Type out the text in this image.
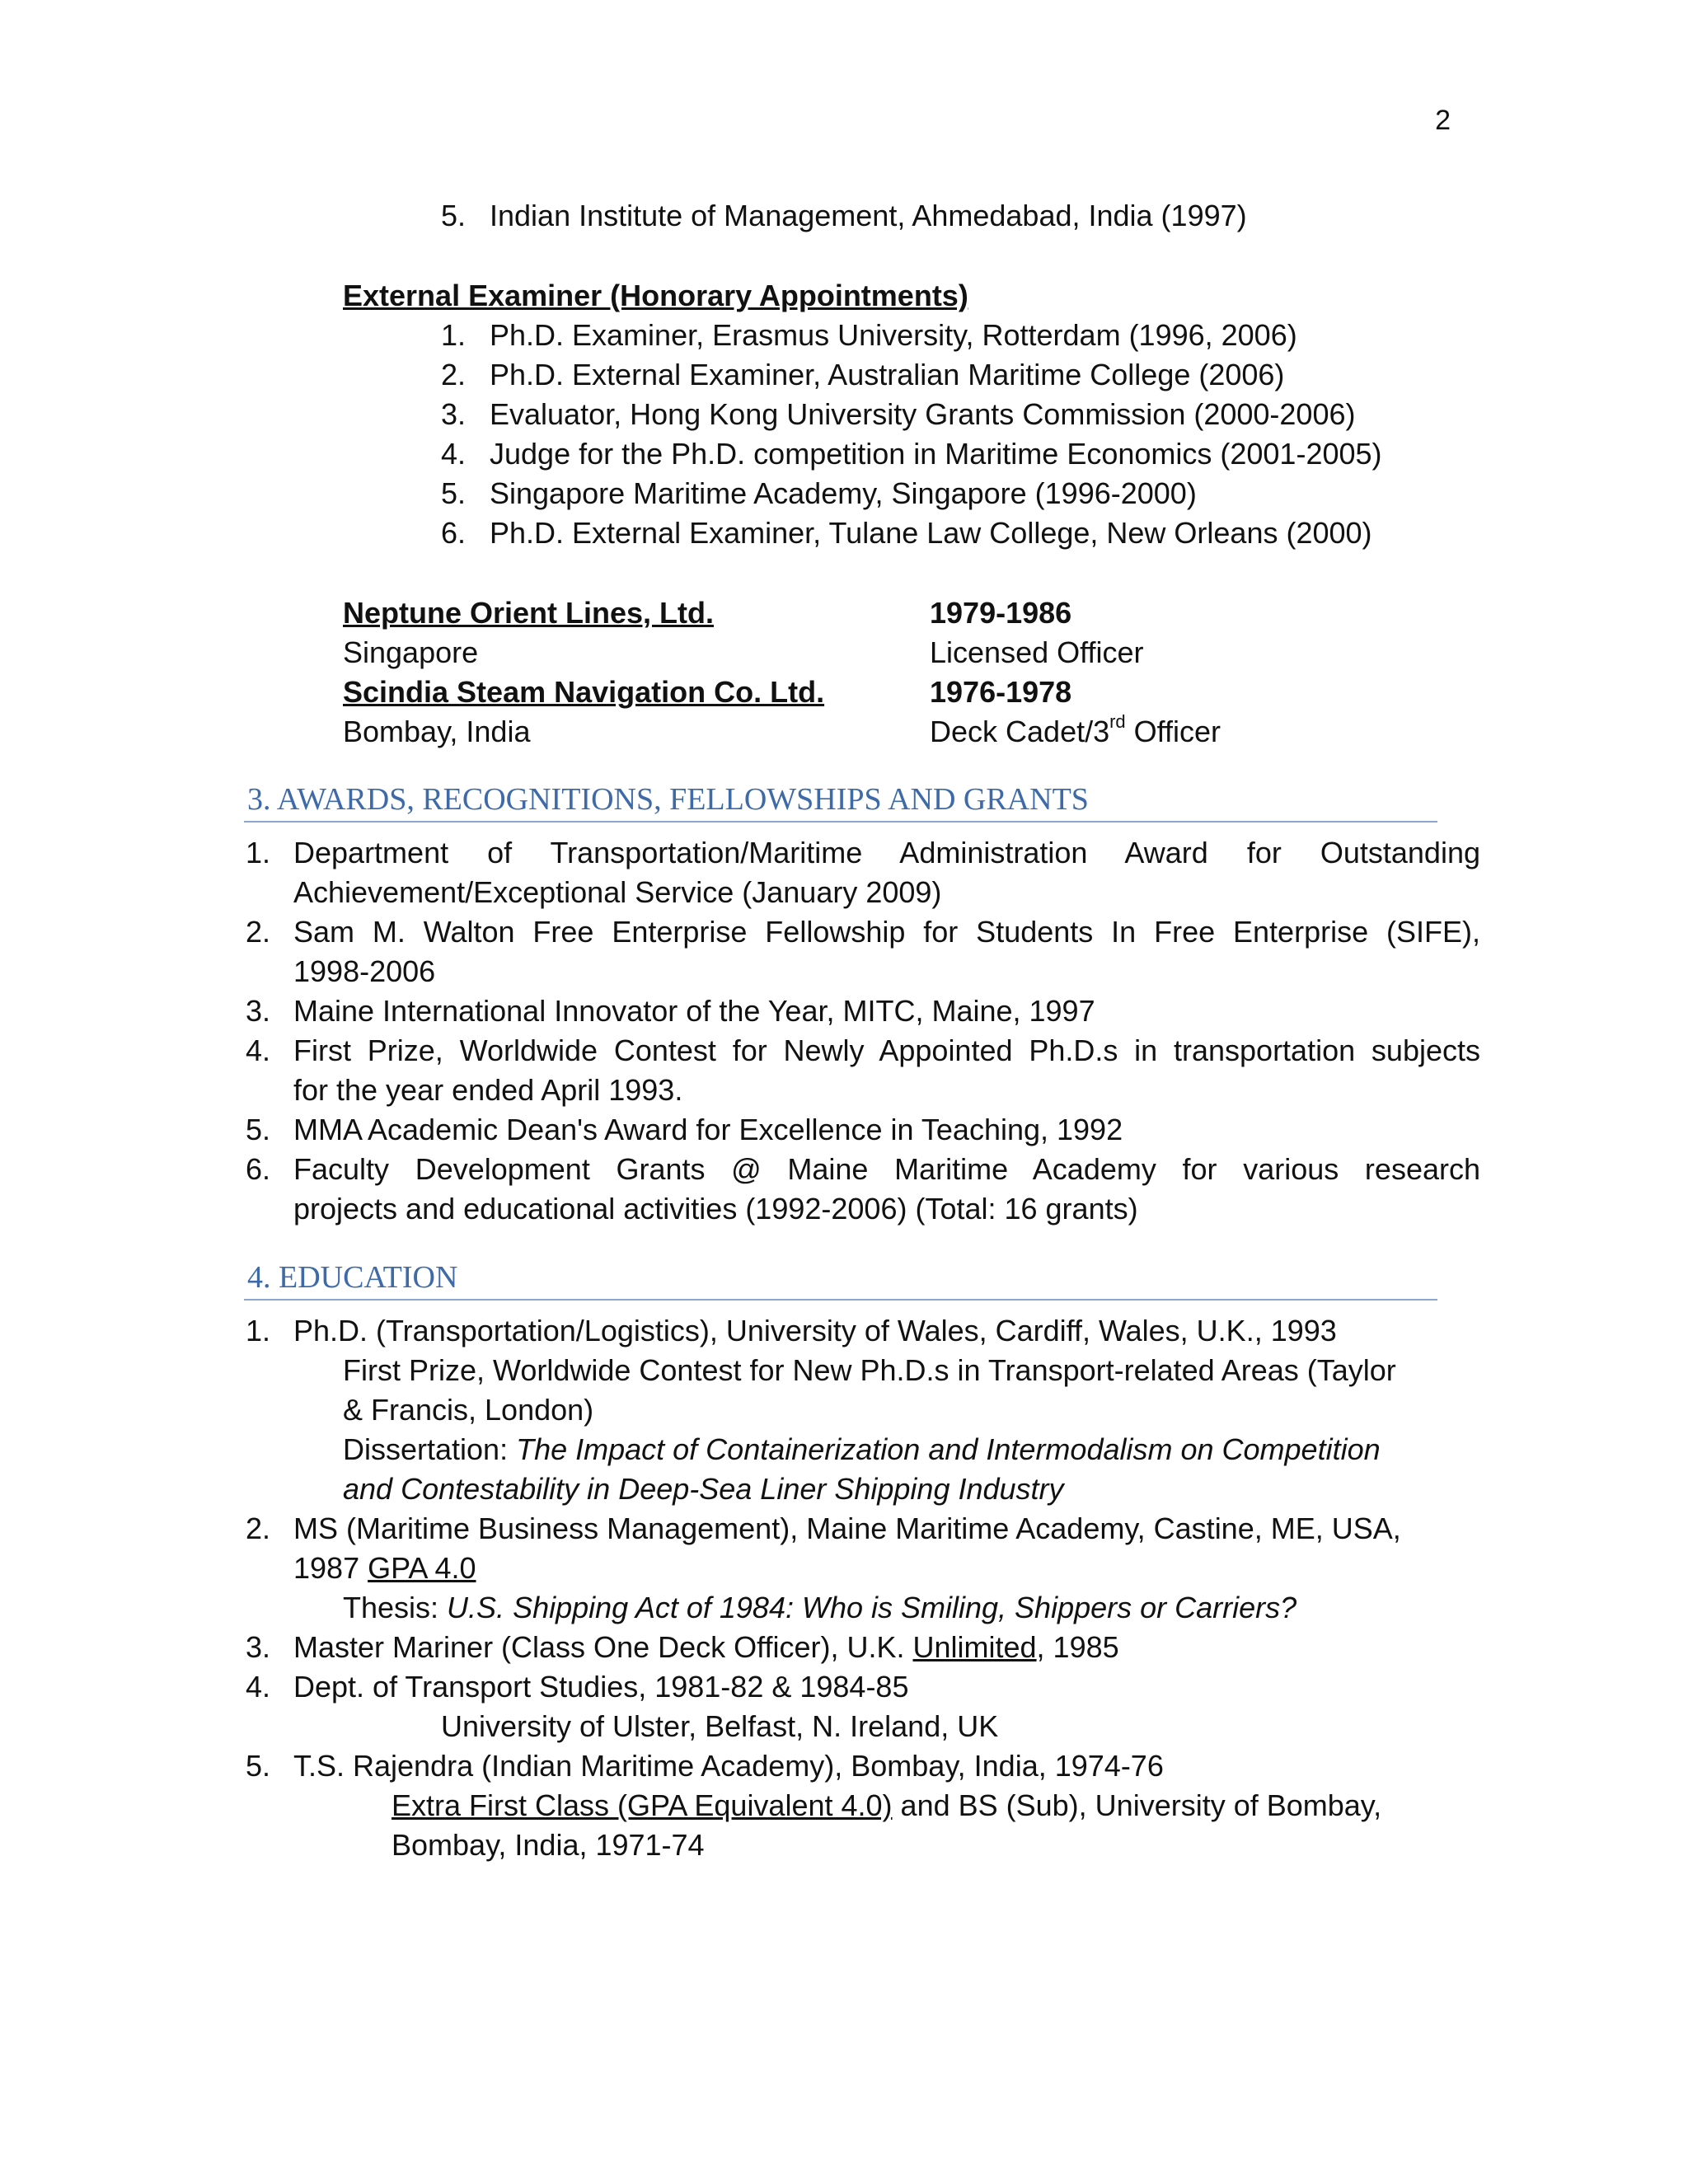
2
5. Indian Institute of Management, Ahmedabad, India (1997)
External Examiner (Honorary Appointments)
1. Ph.D. Examiner, Erasmus University, Rotterdam (1996, 2006)
2. Ph.D. External Examiner, Australian Maritime College (2006)
3. Evaluator, Hong Kong University Grants Commission (2000-2006)
4. Judge for the Ph.D. competition in Maritime Economics (2001-2005)
5. Singapore Maritime Academy, Singapore (1996-2000)
6. Ph.D. External Examiner, Tulane Law College, New Orleans (2000)
Neptune Orient Lines, Ltd.	1979-1986
Singapore	Licensed Officer
Scindia Steam Navigation Co. Ltd.	1976-1978
Bombay, India	Deck Cadet/3rd Officer
3. AWARDS, RECOGNITIONS, FELLOWSHIPS AND GRANTS
1. Department of Transportation/Maritime Administration Award for Outstanding
Achievement/Exceptional Service (January 2009)
2. Sam M. Walton Free Enterprise Fellowship for Students In Free Enterprise (SIFE),
1998-2006
3. Maine International Innovator of the Year, MITC, Maine, 1997
4. First Prize, Worldwide Contest for Newly Appointed Ph.D.s in transportation subjects
for the year ended April 1993.
5. MMA Academic Dean's Award for Excellence in Teaching, 1992
6. Faculty Development Grants @ Maine Maritime Academy for various research
projects and educational activities (1992-2006) (Total: 16 grants)
4. EDUCATION
1. Ph.D. (Transportation/Logistics), University of Wales, Cardiff, Wales, U.K., 1993
First Prize, Worldwide Contest for New Ph.D.s in Transport-related Areas (Taylor
& Francis, London)
Dissertation: The Impact of Containerization and Intermodalism on Competition
and Contestability in Deep-Sea Liner Shipping Industry
2. MS (Maritime Business Management), Maine Maritime Academy, Castine, ME, USA,
1987 GPA 4.0
Thesis: U.S. Shipping Act of 1984: Who is Smiling, Shippers or Carriers?
3. Master Mariner (Class One Deck Officer), U.K. Unlimited, 1985
4. Dept. of Transport Studies, 1981-82 & 1984-85
University of Ulster, Belfast, N. Ireland, UK
5. T.S. Rajendra (Indian Maritime Academy), Bombay, India, 1974-76
Extra First Class (GPA Equivalent 4.0) and BS (Sub), University of Bombay,
Bombay, India, 1971-74
